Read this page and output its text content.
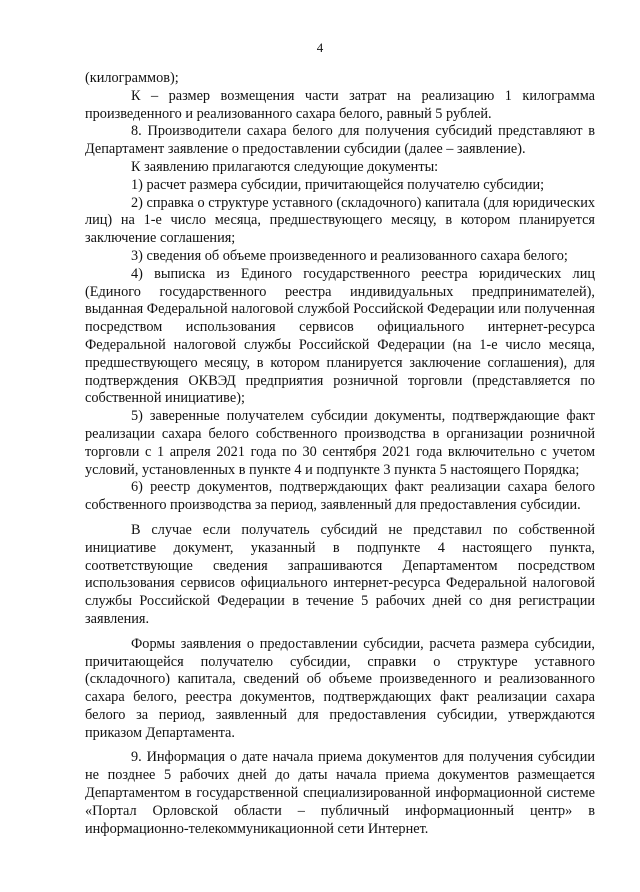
4

(килограммов);

К – размер возмещения части затрат на реализацию 1 килограмма произведенного и реализованного сахара белого, равный 5 рублей.

8. Производители сахара белого для получения субсидий представляют в Департамент заявление о предоставлении субсидии (далее – заявление).

К заявлению прилагаются следующие документы:

1) расчет размера субсидии, причитающейся получателю субсидии;

2) справка о структуре уставного (складочного) капитала (для юридических лиц) на 1-е число месяца, предшествующего месяцу, в котором планируется заключение соглашения;

3) сведения об объеме произведенного и реализованного сахара белого;

4) выписка из Единого государственного реестра юридических лиц (Единого государственного реестра индивидуальных предпринимателей), выданная Федеральной налоговой службой Российской Федерации или полученная посредством использования сервисов официального интернет-ресурса Федеральной налоговой службы Российской Федерации (на 1-е число месяца, предшествующего месяцу, в котором планируется заключение соглашения), для подтверждения ОКВЭД предприятия розничной торговли (представляется по собственной инициативе);

5) заверенные получателем субсидии документы, подтверждающие факт реализации сахара белого собственного производства в организации розничной торговли с 1 апреля 2021 года по 30 сентября 2021 года включительно с учетом условий, установленных в пункте 4 и подпункте 3 пункта 5 настоящего Порядка;

6) реестр документов, подтверждающих факт реализации сахара белого собственного производства за период, заявленный для предоставления субсидии.

В случае если получатель субсидий не представил по собственной инициативе документ, указанный в подпункте 4 настоящего пункта, соответствующие сведения запрашиваются Департаментом посредством использования сервисов официального интернет-ресурса Федеральной налоговой службы Российской Федерации в течение 5 рабочих дней со дня регистрации заявления.

Формы заявления о предоставлении субсидии, расчета размера субсидии, причитающейся получателю субсидии, справки о структуре уставного (складочного) капитала, сведений об объеме произведенного и реализованного сахара белого, реестра документов, подтверждающих факт реализации сахара белого за период, заявленный для предоставления субсидии, утверждаются приказом Департамента.

9. Информация о дате начала приема документов для получения субсидии не позднее 5 рабочих дней до даты начала приема документов размещается Департаментом в государственной специализированной информационной системе «Портал Орловской области – публичный информационный центр» в информационно-телекоммуникационной сети Интернет.
